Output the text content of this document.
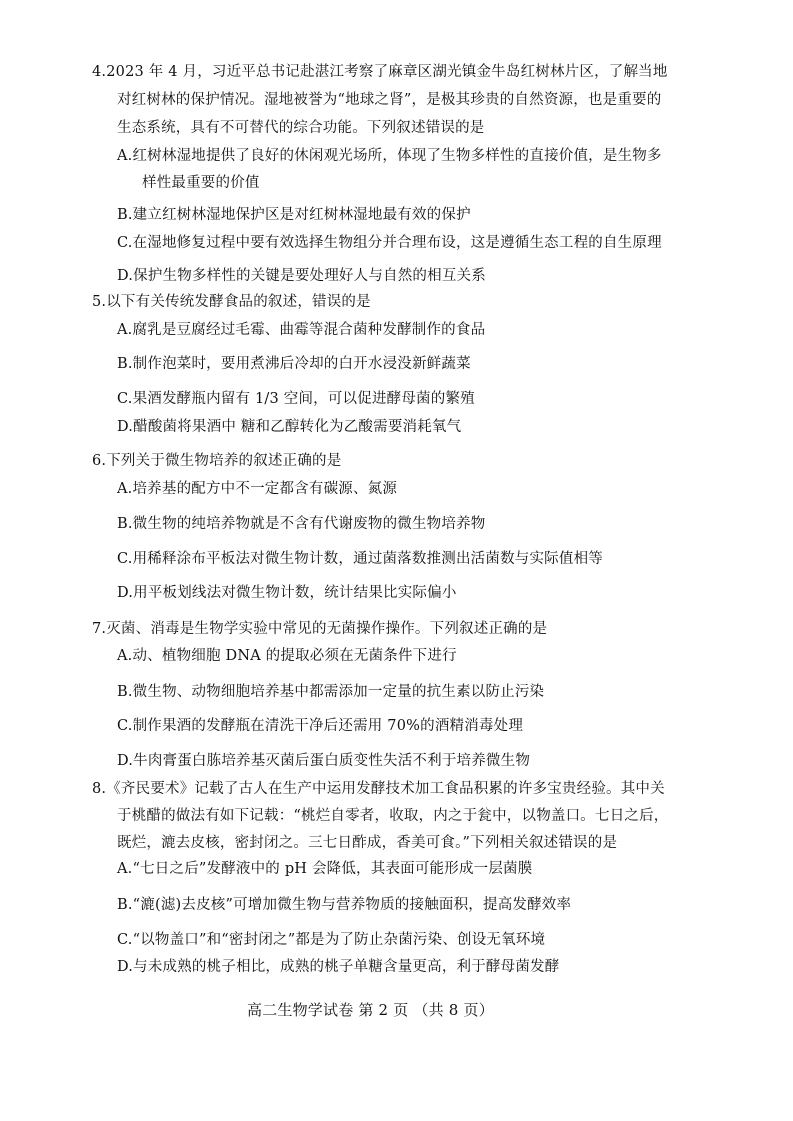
4.2023 年 4 月，习近平总书记赴湛江考察了麻章区湖光镇金牛岛红树林片区，了解当地
对红树林的保护情况。湿地被誉为“地球之肾”，是极其珍贵的自然资源，也是重要的
生态系统，具有不可替代的综合功能。下列叙述错误的是
A.红树林湿地提供了良好的休闲观光场所，体现了生物多样性的直接价值，是生物多
样性最重要的价值
B.建立红树林湿地保护区是对红树林湿地最有效的保护
C.在湿地修复过程中要有效选择生物组分并合理布设，这是遵循生态工程的自生原理
D.保护生物多样性的关键是要处理好人与自然的相互关系
5.以下有关传统发酵食品的叙述，错误的是
A.腐乳是豆腐经过毛霉、曲霉等混合菌种发酵制作的食品
B.制作泡菜时，要用煮沸后冷却的白开水浸没新鲜蔬菜
C.果酒发酵瓶内留有 1/3 空间，可以促进酵母菌的繁殖
D.醋酸菌将果酒中 糖和乙醇转化为乙酸需要消耗氧气
6.下列关于微生物培养的叙述正确的是
A.培养基的配方中不一定都含有碳源、氮源
B.微生物的纯培养物就是不含有代谢废物的微生物培养物
C.用稀释涂布平板法对微生物计数，通过菌落数推测出活菌数与实际值相等
D.用平板划线法对微生物计数，统计结果比实际偏小
7.灭菌、消毒是生物学实验中常见的无菌操作操作。下列叙述正确的是
A.动、植物细胞 DNA 的提取必须在无菌条件下进行
B.微生物、动物细胞培养基中都需添加一定量的抗生素以防止污染
C.制作果酒的发酵瓶在清洗干净后还需用 70%的酒精消毒处理
D.牛肉膏蛋白胨培养基灭菌后蛋白质变性失活不利于培养微生物
8.《齐民要术》记载了古人在生产中运用发酵技术加工食品积累的许多宝贵经验。其中关
于桃醋的做法有如下记载：“桃烂自零者，收取，内之于瓮中，以物盖口。七日之后，
既烂，漉去皮核，密封闭之。三七日酢成，香美可食。”下列相关叙述错误的是
A.“七日之后”发酵液中的 pH 会降低，其表面可能形成一层菌膜
B.“漉(滤)去皮核”可增加微生物与营养物质的接触面积，提高发酵效率
C.“以物盖口”和“密封闭之”都是为了防止杂菌污染、创设无氧环境
D.与未成熟的桃子相比，成熟的桃子单糖含量更高，利于酵母菌发酵
高二生物学试卷 第 2 页 （共 8 页）
